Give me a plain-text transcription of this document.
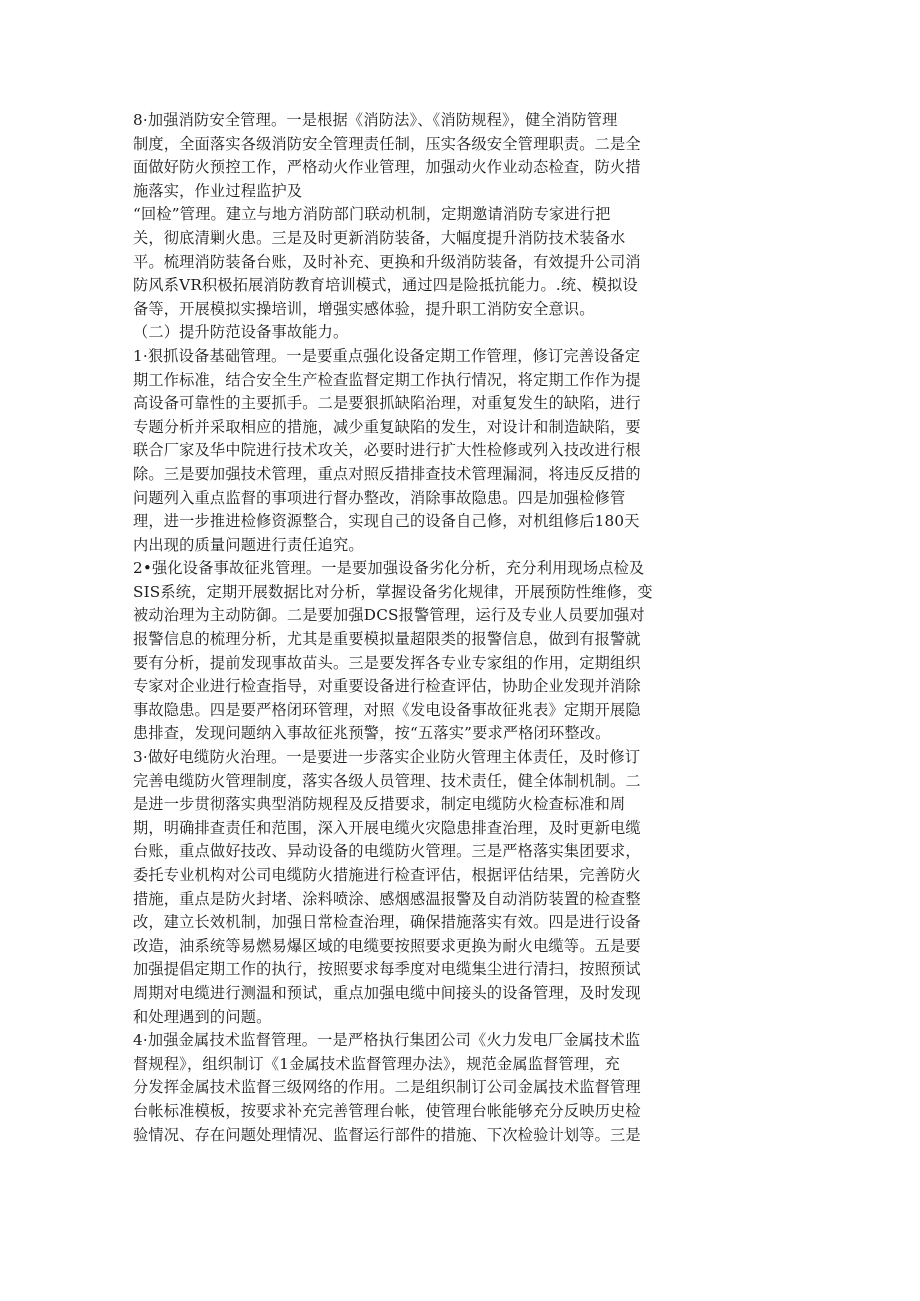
8·加强消防安全管理。一是根据《消防法》、《消防规程》，健全消防管理
制度，全面落实各级消防安全管理责任制，压实各级安全管理职责。二是全
面做好防火预控工作，严格动火作业管理，加强动火作业动态检查，防火措
施落实，作业过程监护及
“回检”管理。建立与地方消防部门联动机制，定期邀请消防专家进行把
关，彻底清剿火患。三是及时更新消防装备，大幅度提升消防技术装备水
平。梳理消防装备台账，及时补充、更换和升级消防装备，有效提升公司消
防风系VR积极拓展消防教育培训模式，通过四是险抵抗能力。.统、模拟设
备等，开展模拟实操培训，增强实感体验，提升职工消防安全意识。
（二）提升防范设备事故能力。
1·狠抓设备基础管理。一是要重点强化设备定期工作管理，修订完善设备定
期工作标准，结合安全生产检查监督定期工作执行情况，将定期工作作为提
高设备可靠性的主要抓手。二是要狠抓缺陷治理，对重复发生的缺陷，进行
专题分析并采取相应的措施，减少重复缺陷的发生，对设计和制造缺陷，要
联合厂家及华中院进行技术攻关，必要时进行扩大性检修或列入技改进行根
除。三是要加强技术管理，重点对照反措排查技术管理漏洞，将违反反措的
问题列入重点监督的事项进行督办整改，消除事故隐患。四是加强检修管
理，进一步推进检修资源整合，实现自己的设备自己修，对机组修后180天
内出现的质量问题进行责任追究。
2•强化设备事故征兆管理。一是要加强设备劣化分析，充分利用现场点检及
SIS系统，定期开展数据比对分析，掌握设备劣化规律，开展预防性维修，变
被动治理为主动防御。二是要加强DCS报警管理，运行及专业人员要加强对
报警信息的梳理分析，尤其是重要模拟量超限类的报警信息，做到有报警就
要有分析，提前发现事故苗头。三是要发挥各专业专家组的作用，定期组织
专家对企业进行检查指导，对重要设备进行检查评估，协助企业发现并消除
事故隐患。四是要严格闭环管理，对照《发电设备事故征兆表》定期开展隐
患排查，发现问题纳入事故征兆预警，按“五落实”要求严格闭环整改。
3·做好电缆防火治理。一是要进一步落实企业防火管理主体责任，及时修订
完善电缆防火管理制度，落实各级人员管理、技术责任，健全体制机制。二
是进一步贯彻落实典型消防规程及反措要求，制定电缆防火检查标准和周
期，明确排查责任和范围，深入开展电缆火灾隐患排查治理，及时更新电缆
台账，重点做好技改、异动设备的电缆防火管理。三是严格落实集团要求，
委托专业机构对公司电缆防火措施进行检查评估，根据评估结果，完善防火
措施，重点是防火封堵、涂料喷涂、感烟感温报警及自动消防装置的检查整
改，建立长效机制，加强日常检查治理，确保措施落实有效。四是进行设备
改造，油系统等易燃易爆区域的电缆要按照要求更换为耐火电缆等。五是要
加强提倡定期工作的执行，按照要求每季度对电缆集尘进行清扫，按照预试
周期对电缆进行测温和预试，重点加强电缆中间接头的设备管理，及时发现
和处理遇到的问题。
4·加强金属技术监督管理。一是严格执行集团公司《火力发电厂金属技术监
督规程》，组织制订《1金属技术监督管理办法》，规范金属监督管理，充
分发挥金属技术监督三级网络的作用。二是组织制订公司金属技术监督管理
台帐标准模板，按要求补充完善管理台帐，使管理台帐能够充分反映历史检
验情况、存在问题处理情况、监督运行部件的措施、下次检验计划等。三是
